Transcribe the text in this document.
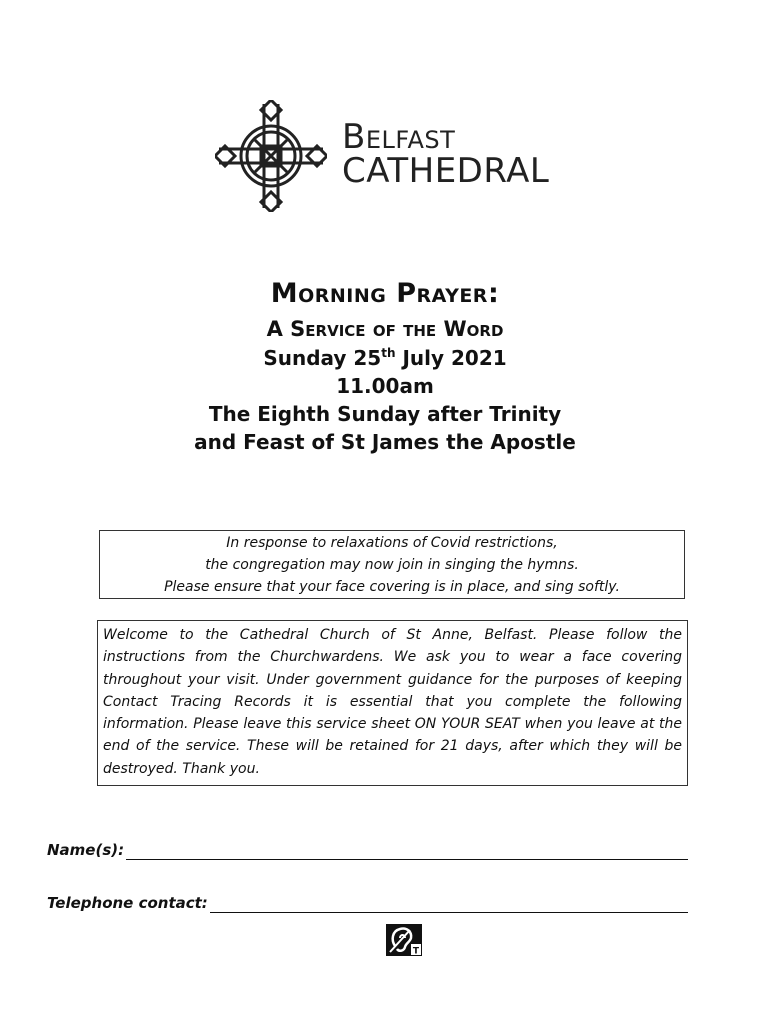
Belfast
CATHEDRAL
Morning Prayer:
A Service of the Word
Sunday 25th July 2021
11.00am
The Eighth Sunday after Trinity
and Feast of St James the Apostle
In response to relaxations of Covid restrictions,
the congregation may now join in singing the hymns.
Please ensure that your face covering is in place, and sing softly.
Welcome to the Cathedral Church of St Anne, Belfast. Please follow the instructions from the Churchwardens. We ask you to wear a face covering throughout your visit. Under government guidance for the purposes of keeping Contact Tracing Records it is essential that you complete the following information. Please leave this service sheet ON YOUR SEAT when you leave at the end of the service. These will be retained for 21 days, after which they will be destroyed. Thank you.
Name(s):
Telephone contact:
T
